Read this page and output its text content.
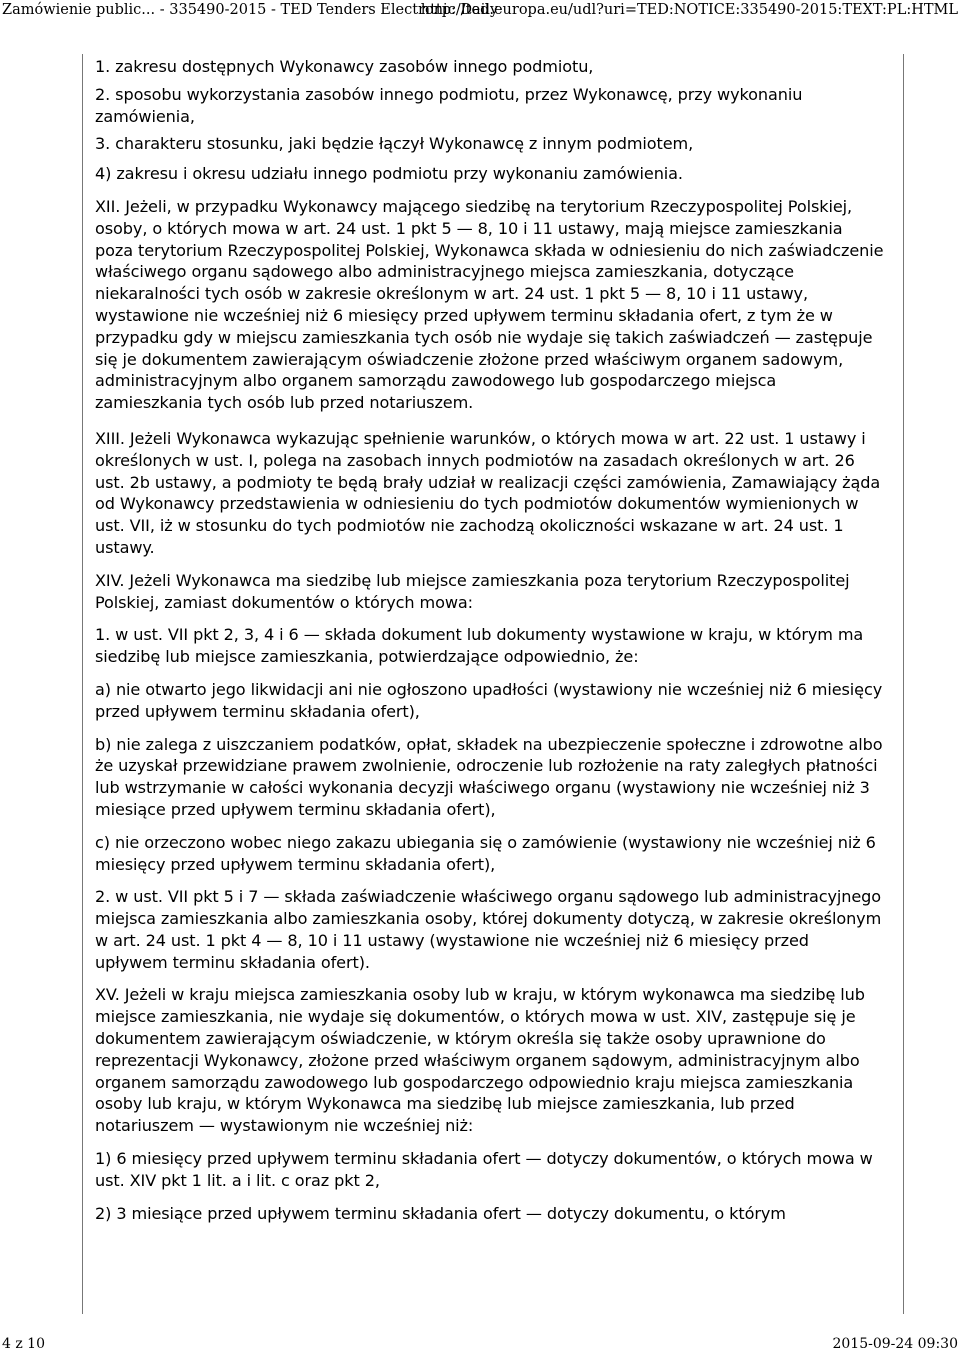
Zamówienie public... - 335490-2015 - TED Tenders Electronic Daily
http://ted.europa.eu/udl?uri=TED:NOTICE:335490-2015:TEXT:PL:HTML

1. zakresu dostępnych Wykonawcy zasobów innego podmiotu,

2. sposobu wykorzystania zasobów innego podmiotu, przez Wykonawcę, przy wykonaniu zamówienia,

3. charakteru stosunku, jaki będzie łączył Wykonawcę z innym podmiotem,

4) zakresu i okresu udziału innego podmiotu przy wykonaniu zamówienia.

XII. Jeżeli, w przypadku Wykonawcy mającego siedzibę na terytorium Rzeczypospolitej Polskiej, osoby, o których mowa w art. 24 ust. 1 pkt 5 — 8, 10 i 11 ustawy, mają miejsce zamieszkania poza terytorium Rzeczypospolitej Polskiej, Wykonawca składa w odniesieniu do nich zaświadczenie właściwego organu sądowego albo administracyjnego miejsca zamieszkania, dotyczące niekaralności tych osób w zakresie określonym w art. 24 ust. 1 pkt 5 — 8, 10 i 11 ustawy, wystawione nie wcześniej niż 6 miesięcy przed upływem terminu składania ofert, z tym że w przypadku gdy w miejscu zamieszkania tych osób nie wydaje się takich zaświadczeń — zastępuje się je dokumentem zawierającym oświadczenie złożone przed właściwym organem sadowym, administracyjnym albo organem samorządu zawodowego lub gospodarczego miejsca zamieszkania tych osób lub przed notariuszem.

XIII. Jeżeli Wykonawca wykazując spełnienie warunków, o których mowa w art. 22 ust. 1 ustawy i określonych w ust. I, polega na zasobach innych podmiotów na zasadach określonych w art. 26 ust. 2b ustawy, a podmioty te będą brały udział w realizacji części zamówienia, Zamawiający żąda od Wykonawcy przedstawienia w odniesieniu do tych podmiotów dokumentów wymienionych w ust. VII, iż w stosunku do tych podmiotów nie zachodzą okoliczności wskazane w art. 24 ust. 1 ustawy.

XIV. Jeżeli Wykonawca ma siedzibę lub miejsce zamieszkania poza terytorium Rzeczypospolitej Polskiej, zamiast dokumentów o których mowa:

1. w ust. VII pkt 2, 3, 4 i 6 — składa dokument lub dokumenty wystawione w kraju, w którym ma siedzibę lub miejsce zamieszkania, potwierdzające odpowiednio, że:

a) nie otwarto jego likwidacji ani nie ogłoszono upadłości (wystawiony nie wcześniej niż 6 miesięcy przed upływem terminu składania ofert),

b) nie zalega z uiszczaniem podatków, opłat, składek na ubezpieczenie społeczne i zdrowotne albo że uzyskał przewidziane prawem zwolnienie, odroczenie lub rozłożenie na raty zaległych płatności lub wstrzymanie w całości wykonania decyzji właściwego organu (wystawiony nie wcześniej niż 3 miesiące przed upływem terminu składania ofert),

c) nie orzeczono wobec niego zakazu ubiegania się o zamówienie (wystawiony nie wcześniej niż 6 miesięcy przed upływem terminu składania ofert),

2. w ust. VII pkt 5 i 7 — składa zaświadczenie właściwego organu sądowego lub administracyjnego miejsca zamieszkania albo zamieszkania osoby, której dokumenty dotyczą, w zakresie określonym w art. 24 ust. 1 pkt 4 — 8, 10 i 11 ustawy (wystawione nie wcześniej niż 6 miesięcy przed upływem terminu składania ofert).

XV. Jeżeli w kraju miejsca zamieszkania osoby lub w kraju, w którym wykonawca ma siedzibę lub miejsce zamieszkania, nie wydaje się dokumentów, o których mowa w ust. XIV, zastępuje się je dokumentem zawierającym oświadczenie, w którym określa się także osoby uprawnione do reprezentacji Wykonawcy, złożone przed właściwym organem sądowym, administracyjnym albo organem samorządu zawodowego lub gospodarczego odpowiednio kraju miejsca zamieszkania osoby lub kraju, w którym Wykonawca ma siedzibę lub miejsce zamieszkania, lub przed notariuszem — wystawionym nie wcześniej niż:

1) 6 miesięcy przed upływem terminu składania ofert — dotyczy dokumentów, o których mowa w ust. XIV pkt 1 lit. a i lit. c oraz pkt 2,

2) 3 miesiące przed upływem terminu składania ofert — dotyczy dokumentu, o którym

4 z 10	2015-09-24 09:30
